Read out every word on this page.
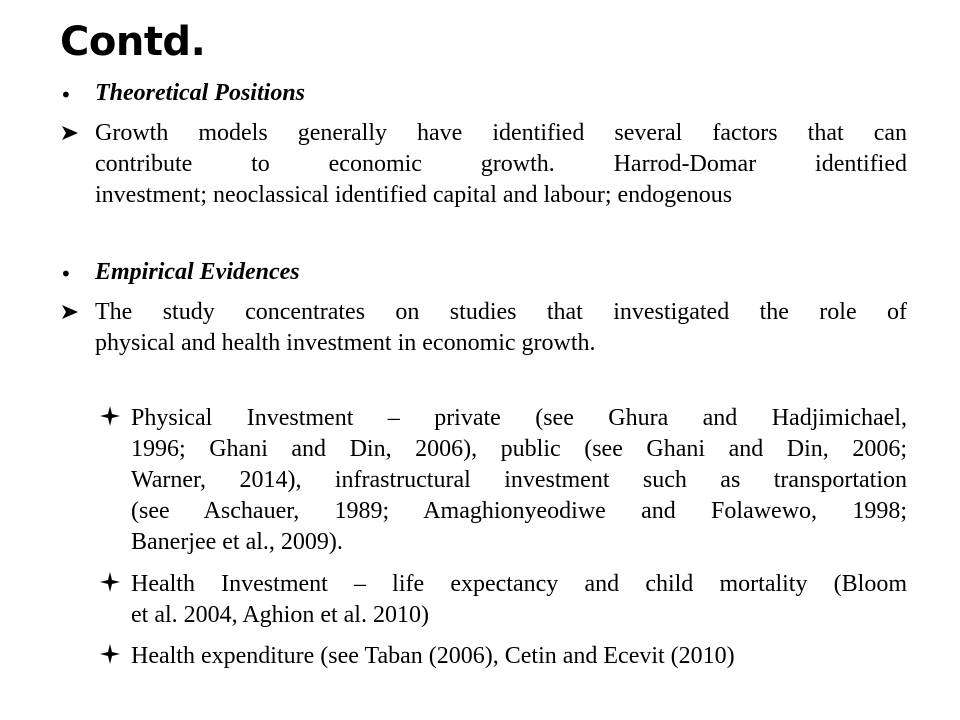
Contd.
• Theoretical Positions
Growth models generally have identified several factors that can
contribute to economic growth. Harrod-Domar identified
investment; neoclassical identified capital and labour; endogenous
• Empirical Evidences
The study concentrates on studies that investigated the role of
physical and health investment in economic growth.
Physical Investment – private (see Ghura and Hadjimichael,
1996; Ghani and Din, 2006), public (see Ghani and Din, 2006;
Warner, 2014), infrastructural investment such as transportation
(see Aschauer, 1989; Amaghionyeodiwe and Folawewo, 1998;
Banerjee et al., 2009).
Health Investment – life expectancy and child mortality (Bloom
et al. 2004, Aghion et al. 2010)
Health expenditure (see Taban (2006), Cetin and Ecevit (2010)
